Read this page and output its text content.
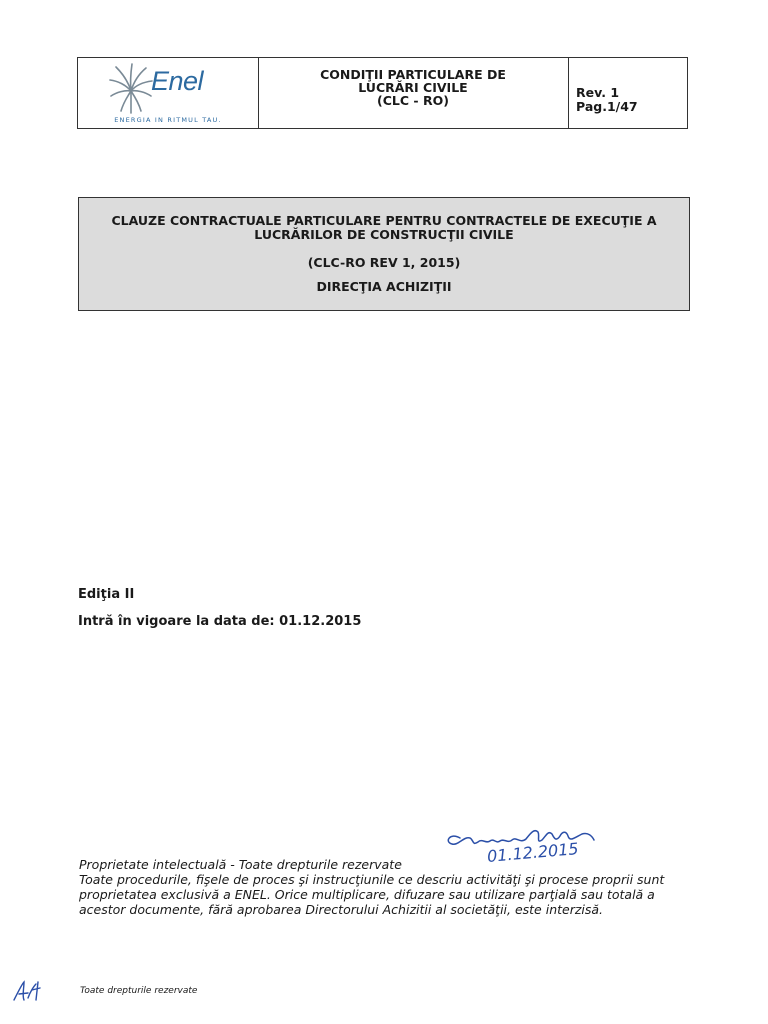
Enel
ENERGIA IN RITMUL TAU.
CONDIŢII PARTICULARE DE
LUCRĂRI CIVILE
(CLC - RO)	Rev. 1
Pag.1/47
CLAUZE CONTRACTUALE PARTICULARE PENTRU CONTRACTELE DE EXECUŢIE A
LUCRĂRILOR DE CONSTRUCŢII CIVILE
(CLC-RO REV 1, 2015)
DIRECŢIA ACHIZIŢII
Ediţia II
Intră în vigoare la data de: 01.12.2015
01.12.2015
Proprietate intelectuală - Toate drepturile rezervate
Toate procedurile, fişele de proces şi instrucţiunile ce descriu activităţi şi procese proprii sunt proprietatea exclusivă a ENEL. Orice multiplicare, difuzare sau utilizare parţială sau totală a acestor documente, fără aprobarea Directorului Achizitii al societăţii, este interzisă.
Toate drepturile rezervate
